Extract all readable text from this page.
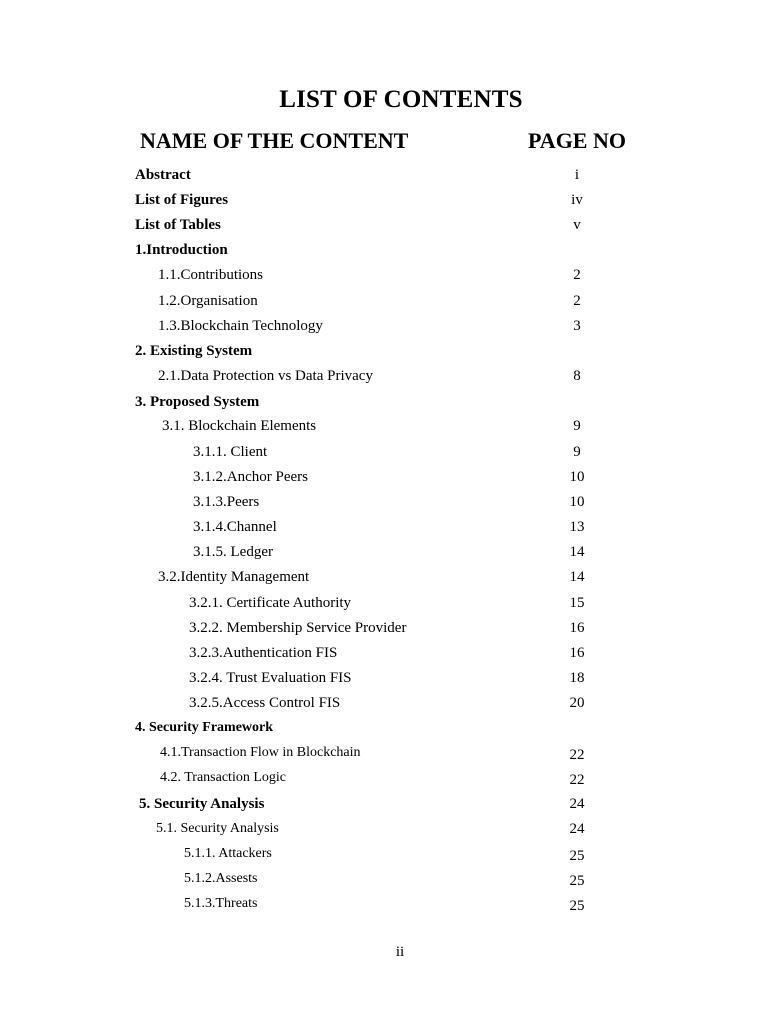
LIST OF CONTENTS
NAME OF THE CONTENT	PAGE NO
Abstract	i
List of Figures	iv
List of Tables	v
1.Introduction
1.1.Contributions	2
1.2.Organisation	2
1.3.Blockchain Technology	3
2. Existing System
2.1.Data Protection vs Data Privacy	8
3. Proposed System
3.1. Blockchain Elements	9
3.1.1. Client	9
3.1.2.Anchor Peers	10
3.1.3.Peers	10
3.1.4.Channel	13
3.1.5. Ledger	14
3.2.Identity Management	14
3.2.1. Certificate Authority	15
3.2.2. Membership Service Provider	16
3.2.3.Authentication FIS	16
3.2.4. Trust Evaluation FIS	18
3.2.5.Access Control FIS	20
4. Security Framework
4.1.Transaction Flow in Blockchain	22
4.2. Transaction Logic	22
5. Security Analysis	24
5.1. Security Analysis	24
5.1.1. Attackers	25
5.1.2.Assests	25
5.1.3.Threats	25
ii
